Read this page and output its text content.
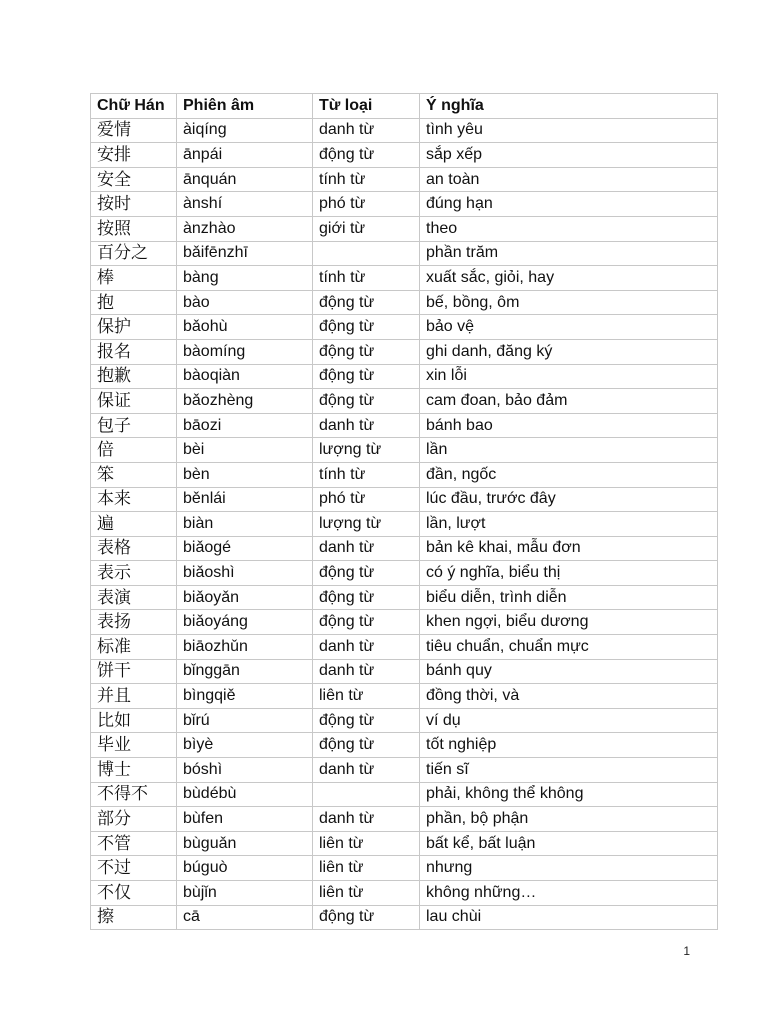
Chữ Hán	Phiên âm	Từ loại	Ý nghĩa
爱情	àiqíng	danh từ	tình yêu
安排	ānpái	động từ	sắp xếp
安全	ānquán	tính từ	an toàn
按时	ànshí	phó từ	đúng hạn
按照	ànzhào	giới từ	theo
百分之	bǎifēnzhī		phần trăm
棒	bàng	tính từ	xuất sắc, giỏi, hay
抱	bào	động từ	bế, bồng, ôm
保护	bǎohù	động từ	bảo vệ
报名	bàomíng	động từ	ghi danh, đăng ký
抱歉	bàoqiàn	động từ	xin lỗi
保证	bǎozhèng	động từ	cam đoan, bảo đảm
包子	bāozi	danh từ	bánh bao
倍	bèi	lượng từ	lần
笨	bèn	tính từ	đần, ngốc
本来	běnlái	phó từ	lúc đầu, trước đây
遍	biàn	lượng từ	lần, lượt
表格	biǎogé	danh từ	bản kê khai, mẫu đơn
表示	biǎoshì	động từ	có ý nghĩa, biểu thị
表演	biǎoyǎn	động từ	biểu diễn, trình diễn
表扬	biǎoyáng	động từ	khen ngợi, biểu dương
标准	biāozhǔn	danh từ	tiêu chuẩn, chuẩn mực
饼干	bǐnggān	danh từ	bánh quy
并且	bìngqiě	liên từ	đồng thời, và
比如	bǐrú	động từ	ví dụ
毕业	bìyè	động từ	tốt nghiệp
博士	bóshì	danh từ	tiến sĩ
不得不	bùdébù		phải, không thể không
部分	bùfen	danh từ	phần, bộ phận
不管	bùguǎn	liên từ	bất kể, bất luận
不过	búguò	liên từ	nhưng
不仅	bùjǐn	liên từ	không những…
擦	cā	động từ	lau chùi
1
